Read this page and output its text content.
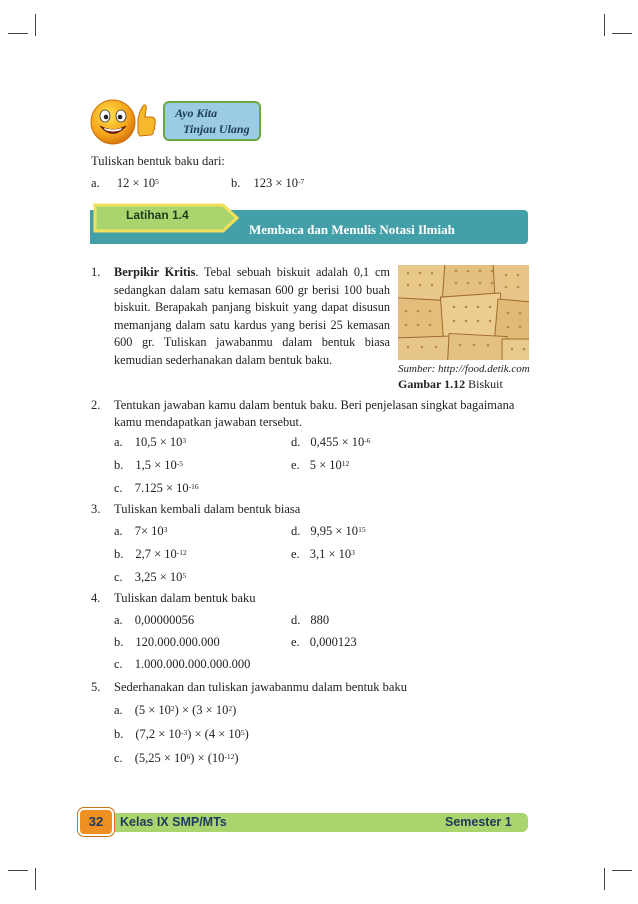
Ayo Kita
Tinjau Ulang
Tuliskan bentuk baku dari:
a. $12 \times 10^5$	b. $123 \times 10^{-7}$
Latihan 1.4
Membaca dan Menulis Notasi Ilmiah
1. Berpikir Kritis. Tebal sebuah biskuit adalah 0,1 cm sedangkan dalam satu kemasan 600 gr berisi 100 buah biskuit. Berapakah panjang biskuit yang dapat disusun memanjang dalam satu kardus yang berisi 25 kemasan 600 gr. Tuliskan jawabanmu dalam bentuk biasa kemudian sederhanakan dalam bentuk baku.
Sumber: http://food.detik.com
Gambar 1.12 Biskuit
2. Tentukan jawaban kamu dalam bentuk baku. Beri penjelasan singkat bagaimana
kamu mendapatkan jawaban tersebut.
a. $10,5 \times 10^3$	d. $0,455 \times 10^{-6}$
b. $1,5 \times 10^{-5}$	e. $5 \times 10^{12}$
c. $7.125 \times 10^{-16}$
3. Tuliskan kembali dalam bentuk biasa
a. $7\times 10^3$	d. $9,95 \times 10^{15}$
b. $2,7 \times 10^{-12}$	e. $3,1 \times 10^3$
c. $3,25 \times 10^5$
4. Tuliskan dalam bentuk baku
a. 0,00000056	d. 880
b. 120.000.000.000	e. 0,000123
c. 1.000.000.000.000.000
5. Sederhanakan dan tuliskan jawabanmu dalam bentuk baku
a. $(5 \times 10^2) \times (3 \times 10^2)$
b. $(7,2 \times 10^{-3}) \times (4 \times 10^5)$
c. $(5,25 \times 10^6) \times (10^{-12})$
32	Kelas IX SMP/MTs	Semester 1
